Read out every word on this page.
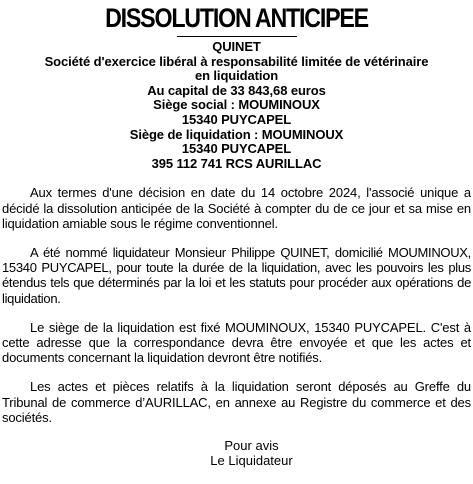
DISSOLUTION ANTICIPEE
QUINET
Société d'exercice libéral à responsabilité limitée de vétérinaire
en liquidation
Au capital de 33 843,68 euros
Siège social : MOUMINOUX
15340 PUYCAPEL
Siège de liquidation : MOUMINOUX
15340 PUYCAPEL
395 112 741 RCS AURILLAC

Aux termes d'une décision en date du 14 octobre 2024, l'associé unique a décidé la dissolution anticipée de la Société à compter du de ce jour et sa mise en liquidation amiable sous le régime conventionnel.

A été nommé liquidateur Monsieur Philippe QUINET, domicilié MOUMINOUX, 15340 PUYCAPEL, pour toute la durée de la liquidation, avec les pouvoirs les plus étendus tels que déterminés par la loi et les statuts pour procéder aux opérations de liquidation.

Le siège de la liquidation est fixé MOUMINOUX, 15340 PUYCAPEL. C'est à cette adresse que la correspondance devra être envoyée et que les actes et documents concernant la liquidation devront être notifiés.

Les actes et pièces relatifs à la liquidation seront déposés au Greffe du Tribunal de commerce d’AURILLAC, en annexe au Registre du commerce et des sociétés.

Pour avis
Le Liquidateur
